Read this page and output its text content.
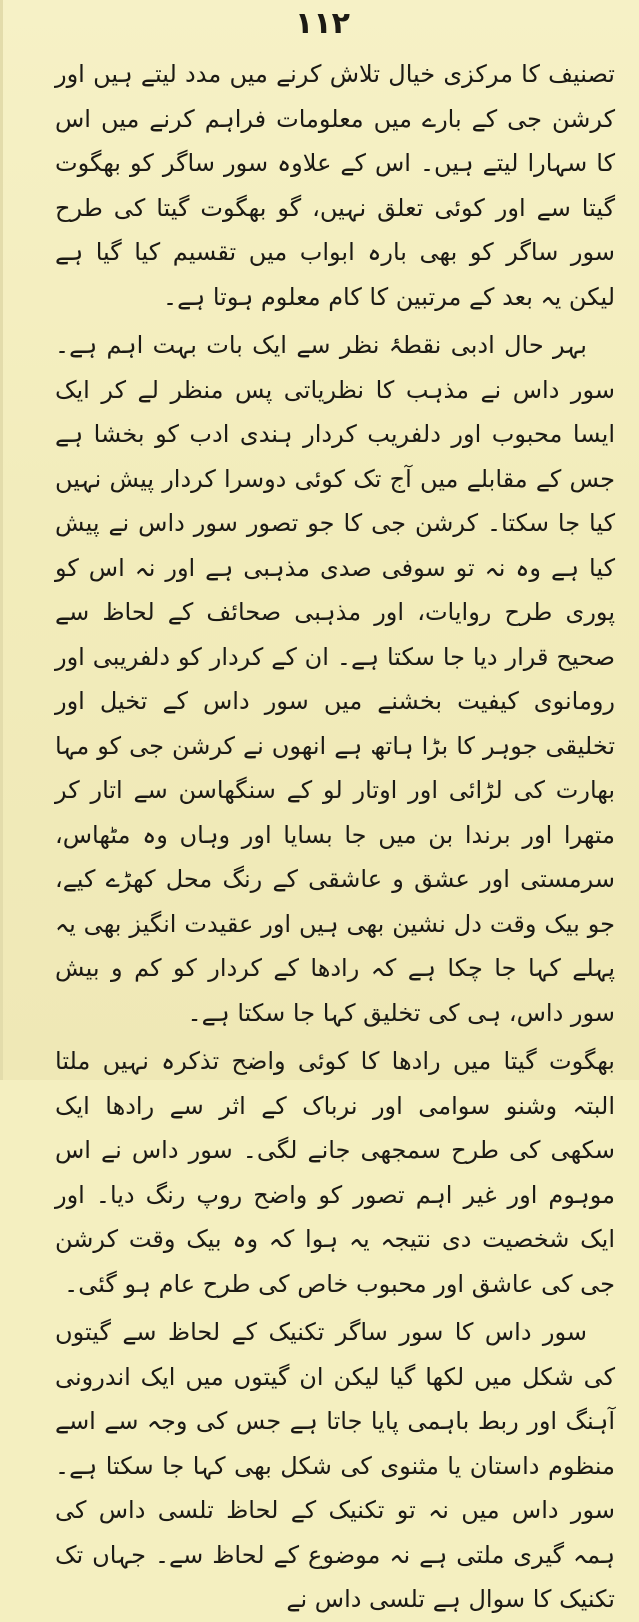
١١٢

تصنیف کا مرکزی خیال تلاش کرنے میں مدد لیتے ہیں اور کرشن جی کے بارے میں معلومات فراہم کرنے میں اس کا سہارا لیتے ہیں۔ اس کے علاوہ سور ساگر کو بھگوت گیتا سے اور کوئی تعلق نہیں، گو بھگوت گیتا کی طرح سور ساگر کو بھی بارہ ابواب میں تقسیم کیا گیا ہے لیکن یہ بعد کے مرتبین کا کام معلوم ہوتا ہے۔

بہر حال ادبی نقطۂ نظر سے ایک بات بہت اہم ہے۔ سور داس نے مذہب کا نظریاتی پس منظر لے کر ایک ایسا محبوب اور دلفریب کردار ہندی ادب کو بخشا ہے جس کے مقابلے میں آج تک کوئی دوسرا کردار پیش نہیں کیا جا سکتا۔ کرشن جی کا جو تصور سور داس نے پیش کیا ہے وہ نہ تو سوفی صدی مذہبی ہے اور نہ اس کو پوری طرح روایات، اور مذہبی صحائف کے لحاظ سے صحیح قرار دیا جا سکتا ہے۔ ان کے کردار کو دلفریبی اور رومانوی کیفیت بخشنے میں سور داس کے تخیل اور تخلیقی جوہر کا بڑا ہاتھ ہے انھوں نے کرشن جی کو مہا بھارت کی لڑائی اور اوتار لو کے سنگھاسن سے اتار کر متھرا اور برندا بن میں جا بسایا اور وہاں وہ مٹھاس، سرمستی اور عشق و عاشقی کے رنگ محل کھڑے کیے، جو بیک وقت دل نشین بھی ہیں اور عقیدت انگیز بھی یہ پہلے کہا جا چکا ہے کہ رادھا کے کردار کو کم و بیش سور داس، ہی کی تخلیق کہا جا سکتا ہے۔

بھگوت گیتا میں رادھا کا کوئی واضح تذکرہ نہیں ملتا البتہ وشنو سوامی اور نرباک کے اثر سے رادھا ایک سکھی کی طرح سمجھی جانے لگی۔ سور داس نے اس موہوم اور غیر اہم تصور کو واضح روپ رنگ دیا۔ اور ایک شخصیت دی نتیجہ یہ ہوا کہ وہ بیک وقت کرشن جی کی عاشق اور محبوب خاص کی طرح عام ہو گئی۔

سور داس کا سور ساگر تکنیک کے لحاظ سے گیتوں کی شکل میں لکھا گیا لیکن ان گیتوں میں ایک اندرونی آہنگ اور ربط باہمی پایا جاتا ہے جس کی وجہ سے اسے منظوم داستان یا مثنوی کی شکل بھی کہا جا سکتا ہے۔ سور داس میں نہ تو تکنیک کے لحاظ تلسی داس کی ہمہ گیری ملتی ہے نہ موضوع کے لحاظ سے۔ جہاں تک تکنیک کا سوال ہے تلسی داس نے
